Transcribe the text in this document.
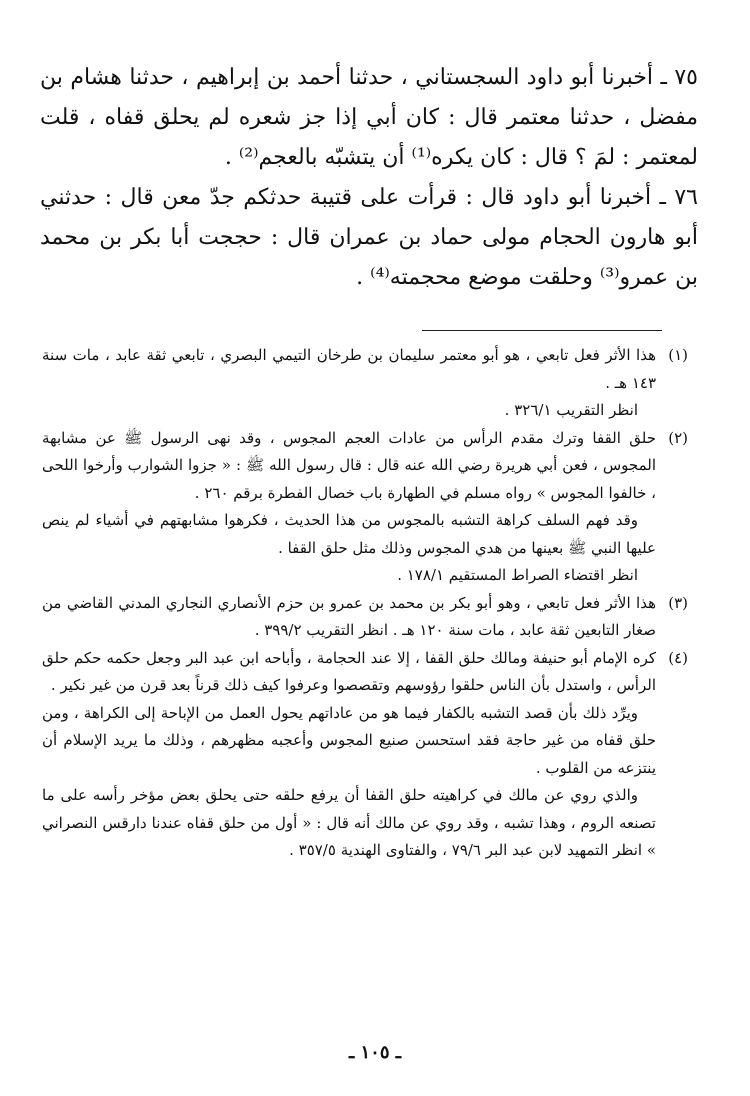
٧٥ ـ أخبرنا أبو داود السجستاني ، حدثنا أحمد بن إبراهيم ، حدثنا هشام بن مفضل ، حدثنا معتمر قال : كان أبي إذا جز شعره لم يحلق قفاه ، قلت لمعتمر : لمَ ؟ قال : كان يكره⁽¹⁾ أن يتشبّه بالعجم⁽²⁾ .

٧٦ ـ أخبرنا أبو داود قال : قرأت على قتيبة حدثكم جدّ معن قال : حدثني أبو هارون الحجام مولى حماد بن عمران قال : حججت أبا بكر بن محمد بن عمرو⁽³⁾ وحلقت موضع محجمته⁽⁴⁾ .

(١)

هذا الأثر فعل تابعي ، هو أبو معتمر سليمان بن طرخان التيمي البصري ، تابعي ثقة عابد ، مات سنة ١٤٣ هـ .

انظر التقريب ٣٢٦/١ .

(٢)

حلق القفا وترك مقدم الرأس من عادات العجم المجوس ، وقد نهى الرسول ﷺ عن مشابهة المجوس ، فعن أبي هريرة رضي الله عنه قال : قال رسول الله ﷺ : « جزوا الشوارب وأرخوا اللحى ، خالفوا المجوس » رواه مسلم في الطهارة باب خصال الفطرة برقم ٢٦٠ .

وقد فهم السلف كراهة التشبه بالمجوس من هذا الحديث ، فكرهوا مشابهتهم في أشياء لم ينص عليها النبي ﷺ بعينها من هدي المجوس وذلك مثل حلق القفا .

انظر اقتضاء الصراط المستقيم ١٧٨/١ .

(٣)

هذا الأثر فعل تابعي ، وهو أبو بكر بن محمد بن عمرو بن حزم الأنصاري النجاري المدني القاضي من صغار التابعين ثقة عابد ، مات سنة ١٢٠ هـ . انظر التقريب ٣٩٩/٢ .

(٤)

كره الإمام أبو حنيفة ومالك حلق القفا ، إلا عند الحجامة ، وأباحه ابن عبد البر وجعل حكمه حكم حلق الرأس ، واستدل بأن الناس حلقوا رؤوسهم وتقصصوا وعرفوا كيف ذلك قرناً بعد قرن من غير نكير .

ويرِّد ذلك بأن قصد التشبه بالكفار فيما هو من عاداتهم يحول العمل من الإباحة إلى الكراهة ، ومن حلق قفاه من غير حاجة فقد استحسن صنيع المجوس وأعجبه مظهرهم ، وذلك ما يريد الإسلام أن ينتزعه من القلوب .

والذي روي عن مالك في كراهيته حلق القفا أن يرفع حلقه حتى يحلق بعض مؤخر رأسه على ما تصنعه الروم ، وهذا تشبه ، وقد روي عن مالك أنه قال : « أول من حلق قفاه عندنا دارقس النصراني » انظر التمهيد لابن عبد البر ٧٩/٦ ، والفتاوى الهندية ٣٥٧/٥ .

ـ ١٠٥ ـ
